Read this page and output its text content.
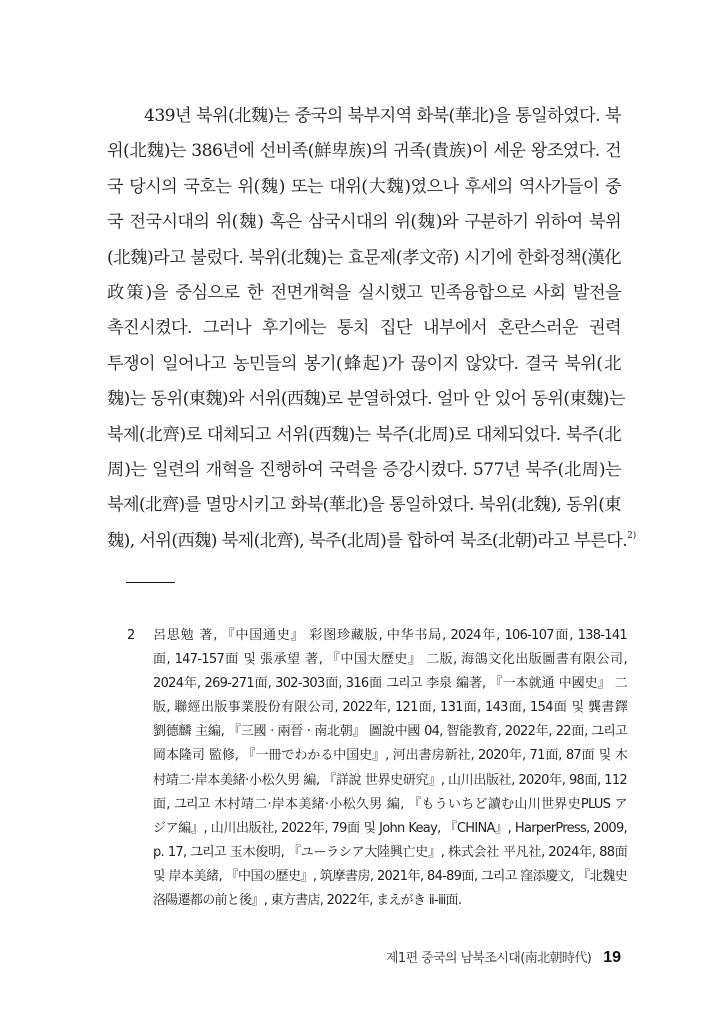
439년 북위(北魏)는 중국의 북부지역 화북(華北)을 통일하였다. 북
위(北魏)는 386년에 선비족(鮮卑族)의 귀족(貴族)이 세운 왕조였다. 건
국 당시의 국호는 위(魏) 또는 대위(大魏)였으나 후세의 역사가들이 중
국 전국시대의 위(魏) 혹은 삼국시대의 위(魏)와 구분하기 위하여 북위
(北魏)라고 불렀다. 북위(北魏)는 효문제(孝文帝) 시기에 한화정책(漢化
政策)을 중심으로 한 전면개혁을 실시했고 민족융합으로 사회 발전을
촉진시켰다. 그러나 후기에는 통치 집단 내부에서 혼란스러운 권력
투쟁이 일어나고 농민들의 봉기(蜂起)가 끊이지 않았다. 결국 북위(北
魏)는 동위(東魏)와 서위(西魏)로 분열하였다. 얼마 안 있어 동위(東魏)는
북제(北齊)로 대체되고 서위(西魏)는 북주(北周)로 대체되었다. 북주(北
周)는 일련의 개혁을 진행하여 국력을 증강시켰다. 577년 북주(北周)는
북제(北齊)를 멸망시키고 화북(華北)을 통일하였다. 북위(北魏), 동위(東
魏), 서위(西魏) 북제(北齊), 북주(北周)를 합하여 북조(北朝)라고 부른다.$^{2)}$
2	呂思勉 著, 『中国通史』 彩图珍藏版, 中华书局, 2024年, 106-107面, 138-141
面, 147-157面 및 張承望 著, 『中国大歷史』 二版, 海鴿文化出版圖書有限公司,
2024年, 269-271面, 302-303面, 316面 그리고 李泉 編著, 『一本就通 中國史』 二
版, 聯經出版事業股份有限公司, 2022年, 121面, 131面, 143面, 154面 및 龔書鐸
劉德麟 主編, 『三國 · 兩晉 · 南北朝』 圖說中國 04, 智能教育, 2022年, 22面, 그리고
岡本隆司 監修, 『一冊でわかる中国史』, 河出書房新社, 2020年, 71面, 87面 및 木
村靖二·岸本美緒·小松久男 編, 『詳說 世界史研究』, 山川出版社, 2020年, 98面, 112
面, 그리고 木村靖二·岸本美緒·小松久男 編, 『もういちど讀む山川世界史PLUS ア
ジア編』, 山川出版社, 2022年, 79面 및 John Keay, 『CHINA』, HarperPress, 2009,
p. 17, 그리고 玉木俊明, 『ユーラシア大陸興亡史』, 株式会社 平凡社, 2024年, 88面
및 岸本美緒, 『中国の歷史』, 筑摩書房, 2021年, 84-89面, 그리고 窪添慶文, 『北魏史
洛陽遷都の前と後』, 東方書店, 2022年, まえがき ⅱ-ⅲ面.
제1편 중국의 남북조시대(南北朝時代) 19
